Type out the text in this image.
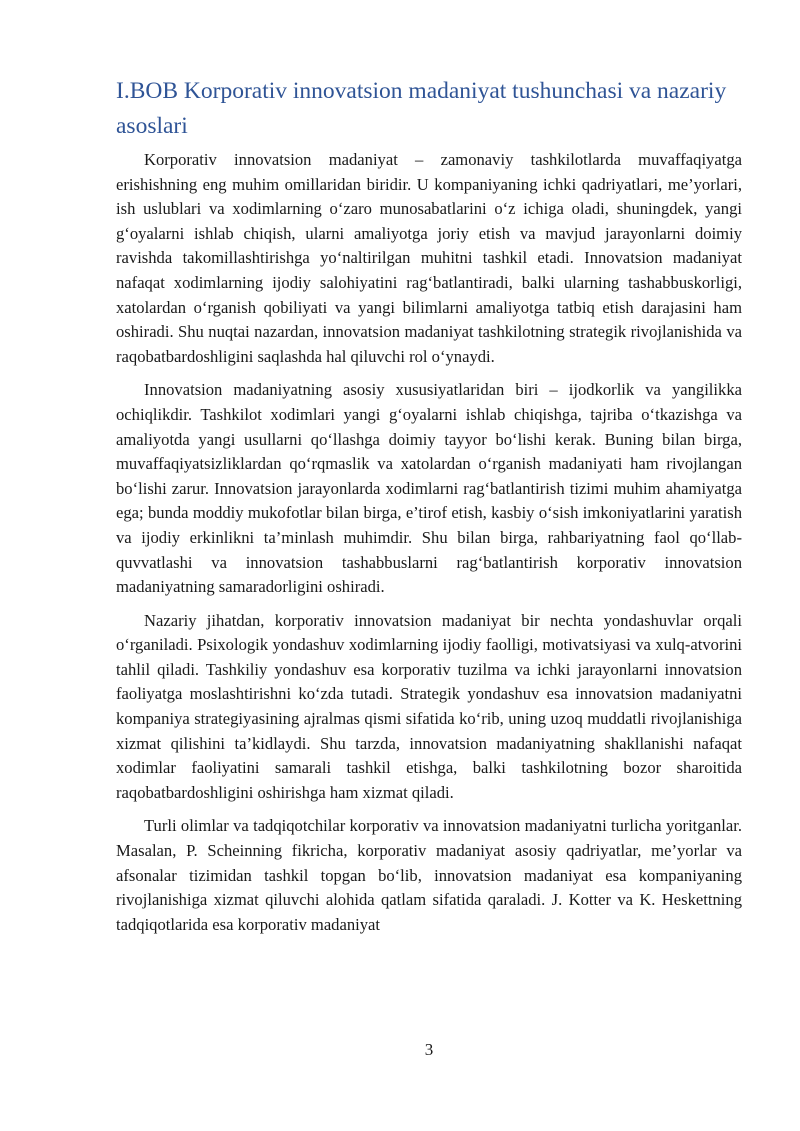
I.BOB Korporativ innovatsion madaniyat tushunchasi va nazariy asoslari

Korporativ innovatsion madaniyat – zamonaviy tashkilotlarda muvaffaqiyatga erishishning eng muhim omillaridan biridir. U kompaniyaning ichki qadriyatlari, me’yorlari, ish uslublari va xodimlarning o‘zaro munosabatlarini o‘z ichiga oladi, shuningdek, yangi g‘oyalarni ishlab chiqish, ularni amaliyotga joriy etish va mavjud jarayonlarni doimiy ravishda takomillashtirishga yo‘naltirilgan muhitni tashkil etadi. Innovatsion madaniyat nafaqat xodimlarning ijodiy salohiyatini rag‘batlantiradi, balki ularning tashabbuskorligi, xatolardan o‘rganish qobiliyati va yangi bilimlarni amaliyotga tatbiq etish darajasini ham oshiradi. Shu nuqtai nazardan, innovatsion madaniyat tashkilotning strategik rivojlanishida va raqobatbardoshligini saqlashda hal qiluvchi rol o‘ynaydi.

Innovatsion madaniyatning asosiy xususiyatlaridan biri – ijodkorlik va yangilikka ochiqlikdir. Tashkilot xodimlari yangi g‘oyalarni ishlab chiqishga, tajriba o‘tkazishga va amaliyotda yangi usullarni qo‘llashga doimiy tayyor bo‘lishi kerak. Buning bilan birga, muvaffaqiyatsizliklardan qo‘rqmaslik va xatolardan o‘rganish madaniyati ham rivojlangan bo‘lishi zarur. Innovatsion jarayonlarda xodimlarni rag‘batlantirish tizimi muhim ahamiyatga ega; bunda moddiy mukofotlar bilan birga, e’tirof etish, kasbiy o‘sish imkoniyatlarini yaratish va ijodiy erkinlikni ta’minlash muhimdir. Shu bilan birga, rahbariyatning faol qo‘llab-quvvatlashi va innovatsion tashabbuslarni rag‘batlantirish korporativ innovatsion madaniyatning samaradorligini oshiradi.

Nazariy jihatdan, korporativ innovatsion madaniyat bir nechta yondashuvlar orqali o‘rganiladi. Psixologik yondashuv xodimlarning ijodiy faolligi, motivatsiyasi va xulq-atvorini tahlil qiladi. Tashkiliy yondashuv esa korporativ tuzilma va ichki jarayonlarni innovatsion faoliyatga moslashtirishni ko‘zda tutadi. Strategik yondashuv esa innovatsion madaniyatni kompaniya strategiyasining ajralmas qismi sifatida ko‘rib, uning uzoq muddatli rivojlanishiga xizmat qilishini ta’kidlaydi. Shu tarzda, innovatsion madaniyatning shakllanishi nafaqat xodimlar faoliyatini samarali tashkil etishga, balki tashkilotning bozor sharoitida raqobatbardoshligini oshirishga ham xizmat qiladi.

Turli olimlar va tadqiqotchilar korporativ va innovatsion madaniyatni turlicha yoritganlar. Masalan, P. Scheinning fikricha, korporativ madaniyat asosiy qadriyatlar, me’yorlar va afsonalar tizimidan tashkil topgan bo‘lib, innovatsion madaniyat esa kompaniyaning rivojlanishiga xizmat qiluvchi alohida qatlam sifatida qaraladi. J. Kotter va K. Heskettning tadqiqotlarida esa korporativ madaniyat

3
